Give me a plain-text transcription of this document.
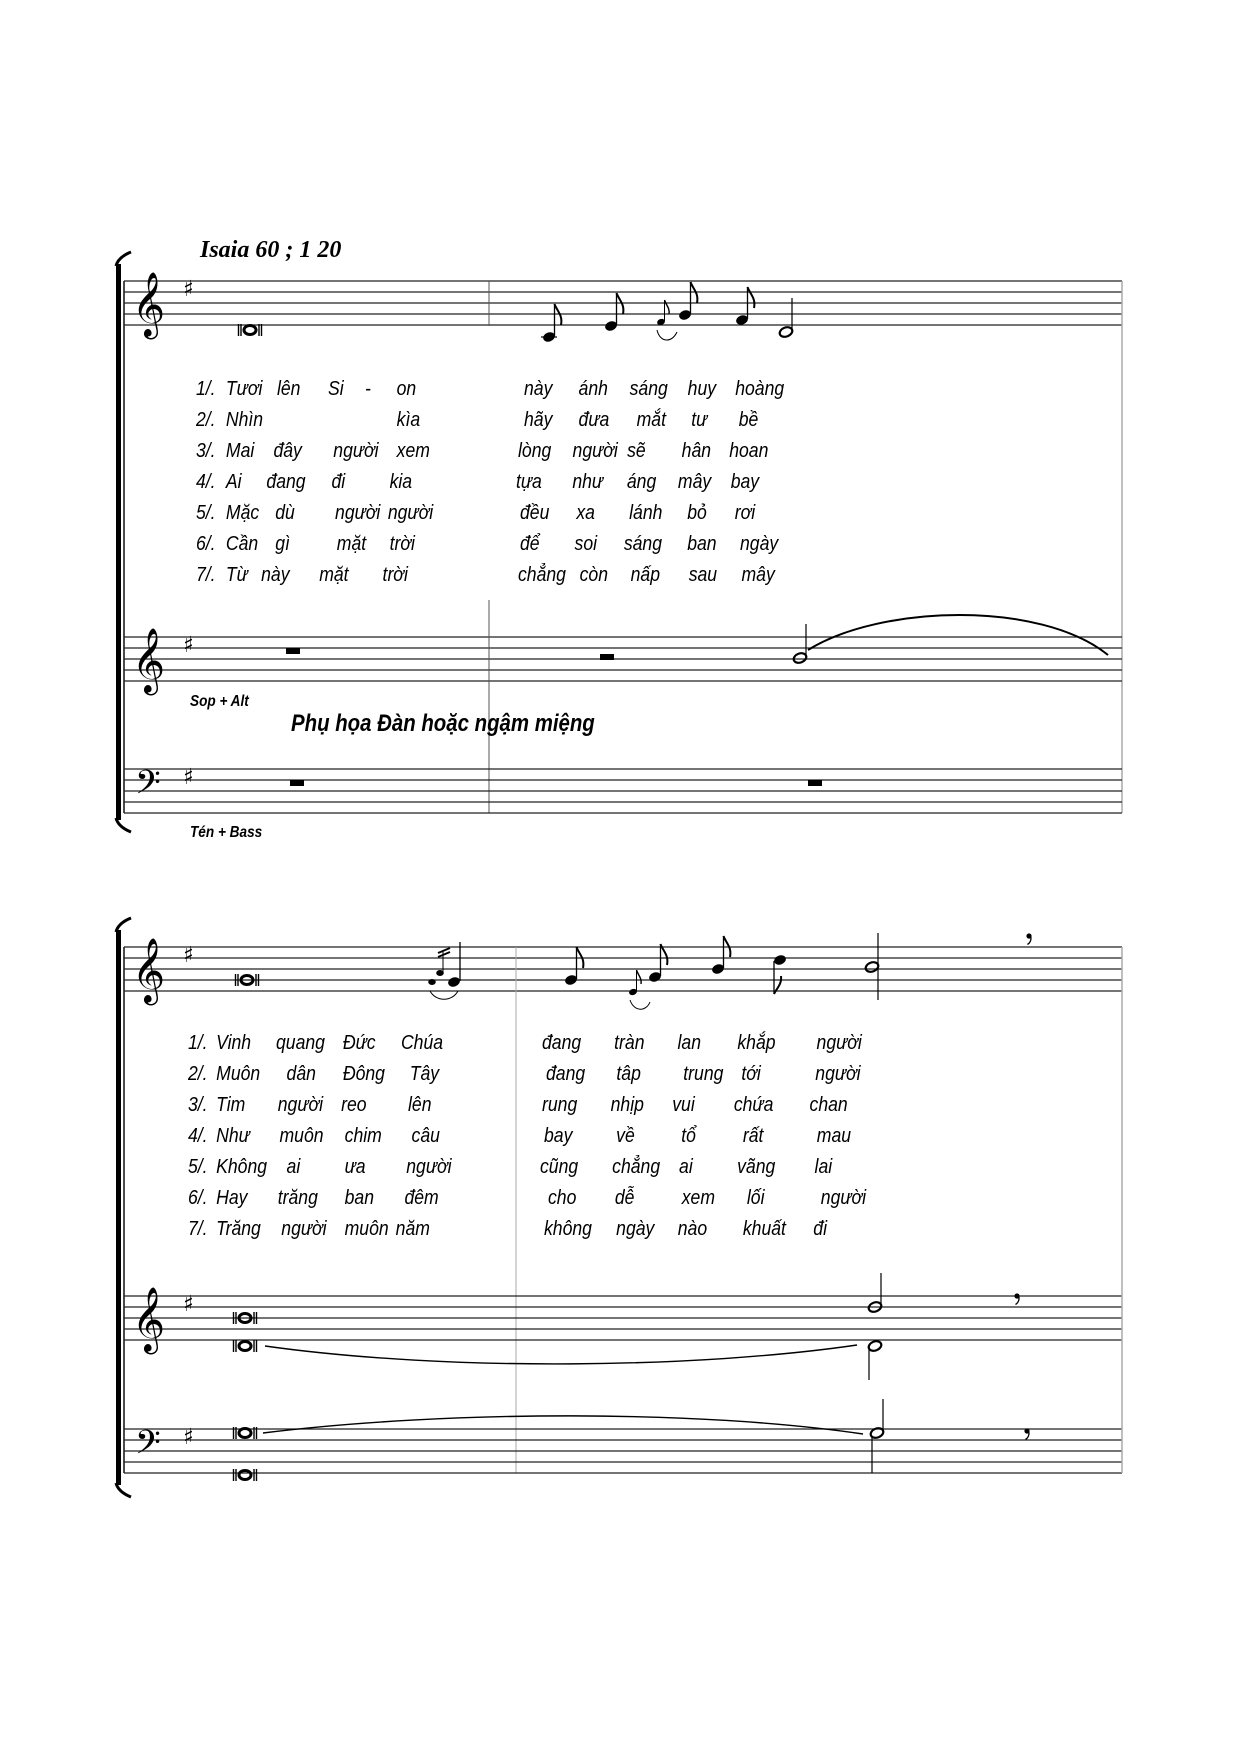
𝄞 ♯
𝄞 ♯
𝄢 ♯
𝄞 ♯
𝄞 ♯
𝄢 ♯
Isaia 60 ; 1 20
1/. Tươi lên Si - on
2/. Nhìn	kìa
3/. Mai đây người xem
4/. Ai đang đi kia
5/. Mặc dù người người
6/. Cần gì mặt trời
7/. Từ này mặt trời
này ánh sáng huy hoàng
hãy đưa mắt tư bề
lòng người sẽ hân hoan
tựa như áng mây bay
đều xa lánh bỏ rơi
để soi sáng ban ngày
chẳng còn nấp sau mây
Sop + Alt
Phụ họa Đàn hoặc ngậm miệng
Tén + Bass
1/. Vinh quang Đức Chúa
2/. Muôn dân Đông Tây
3/. Tim người reo lên
4/. Như muôn chim câu
5/. Không ai ưa người
6/. Hay trăng ban đêm
7/. Trăng người muôn năm
đang tràn lan khắp người
đang tâp trung tới	người
rung nhịp vui chứa chan
bay về tổ rất	mau
cũng chẳng ai vãng lai
cho dễ xem lối	người
không ngày nào khuất đi
